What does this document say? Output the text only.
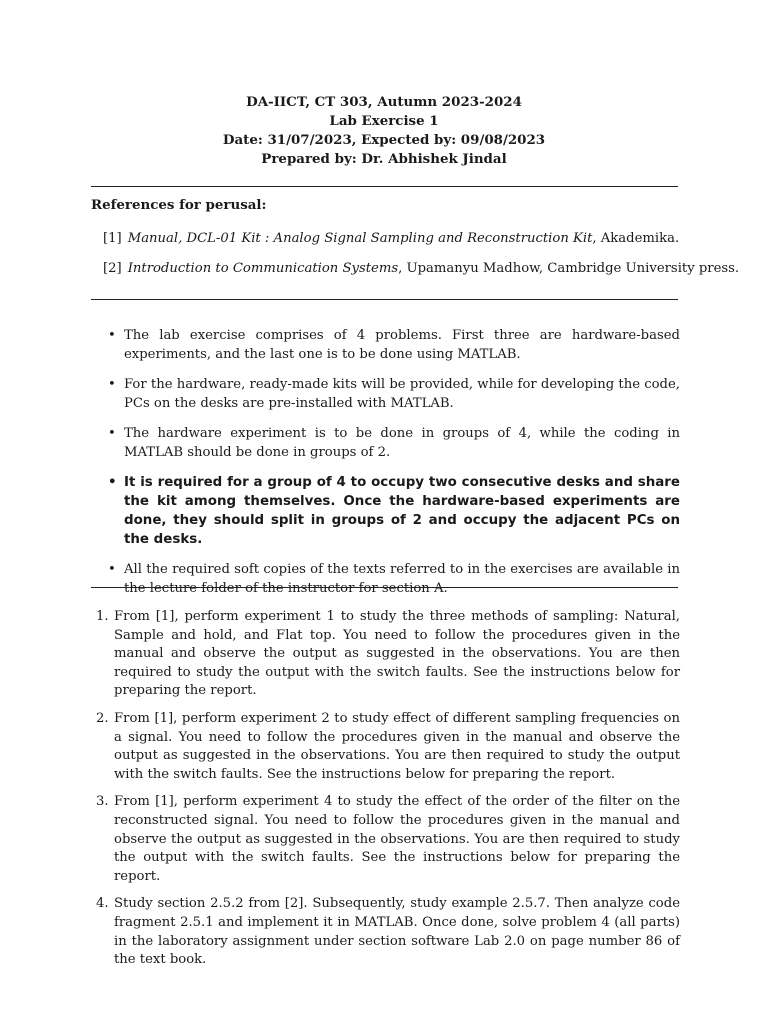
DA-IICT, CT 303, Autumn 2023-2024
Lab Exercise 1
Date: 31/07/2023, Expected by: 09/08/2023
Prepared by: Dr. Abhishek Jindal
References for perusal:
[1] Manual, DCL-01 Kit : Analog Signal Sampling and Reconstruction Kit, Akademika.
[2] Introduction to Communication Systems, Upamanyu Madhow, Cambridge University press.
• The lab exercise comprises of 4 problems. First three are hardware-based experiments, and the last one is to be done using MATLAB.
• For the hardware, ready-made kits will be provided, while for developing the code, PCs on the desks are pre-installed with MATLAB.
• The hardware experiment is to be done in groups of 4, while the coding in MATLAB should be done in groups of 2.
• It is required for a group of 4 to occupy two consecutive desks and share the kit among themselves. Once the hardware-based experiments are done, they should split in groups of 2 and occupy the adjacent PCs on the desks.
• All the required soft copies of the texts referred to in the exercises are available in the lecture folder of the instructor for section A.
1. From [1], perform experiment 1 to study the three methods of sampling: Natural, Sample and hold, and Flat top. You need to follow the procedures given in the manual and observe the output as suggested in the observations. You are then required to study the output with the switch faults. See the instructions below for preparing the report.
2. From [1], perform experiment 2 to study effect of different sampling frequencies on a signal. You need to follow the procedures given in the manual and observe the output as suggested in the observations. You are then required to study the output with the switch faults. See the instructions below for preparing the report.
3. From [1], perform experiment 4 to study the effect of the order of the filter on the reconstructed signal. You need to follow the procedures given in the manual and observe the output as suggested in the observations. You are then required to study the output with the switch faults. See the instructions below for preparing the report.
4. Study section 2.5.2 from [2]. Subsequently, study example 2.5.7. Then analyze code fragment 2.5.1 and implement it in MATLAB. Once done, solve problem 4 (all parts) in the laboratory assignment under section software Lab 2.0 on page number 86 of the text book.
